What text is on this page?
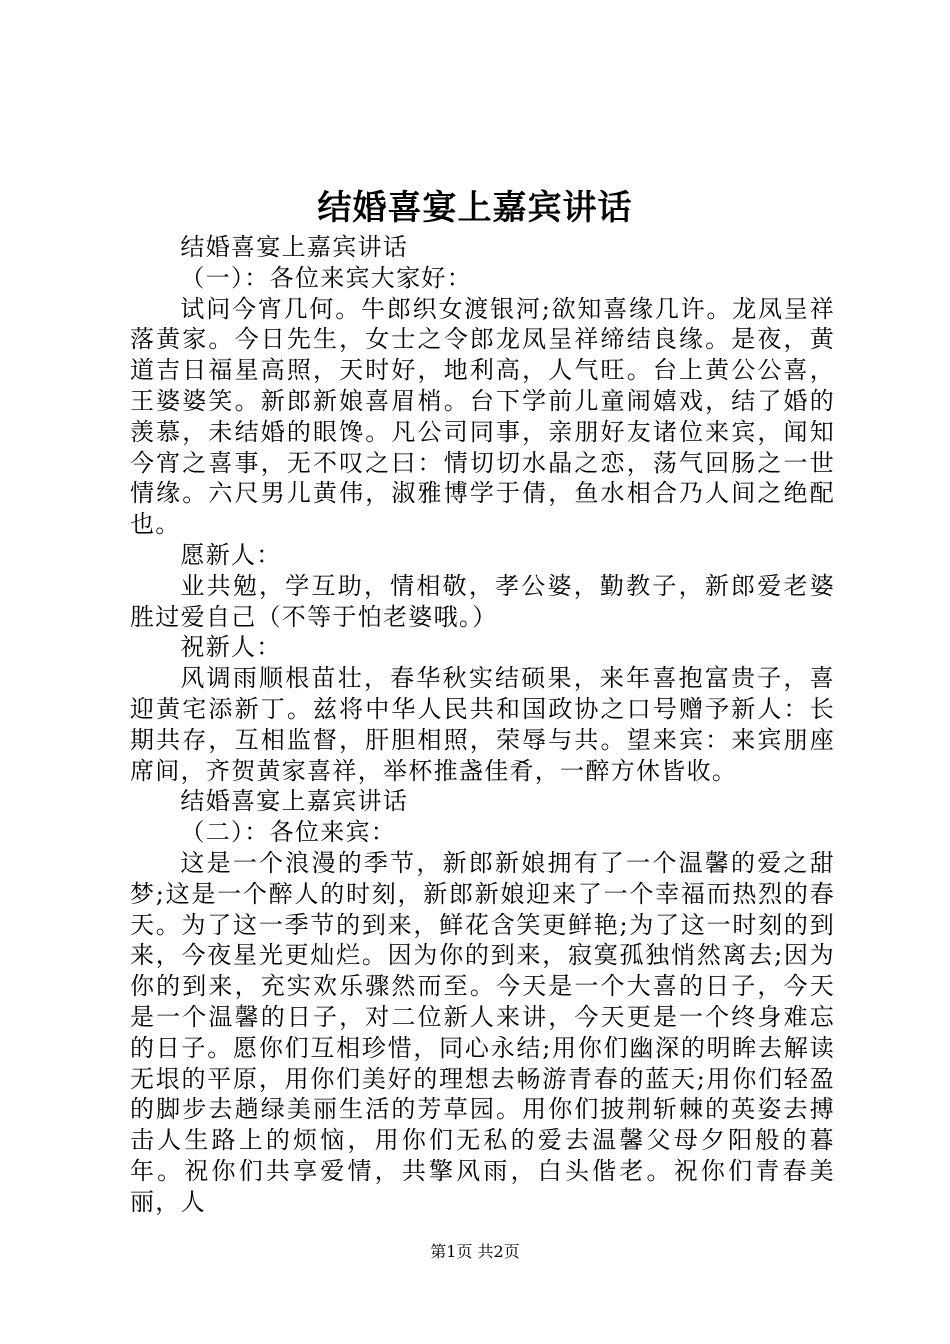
结婚喜宴上嘉宾讲话

结婚喜宴上嘉宾讲话

（一）：各位来宾大家好：

试问今宵几何。牛郎织女渡银河;欲知喜缘几许。龙凤呈祥落黄家。今日先生，女士之令郎龙凤呈祥缔结良缘。是夜，黄道吉日福星高照，天时好，地利高，人气旺。台上黄公公喜，王婆婆笑。新郎新娘喜眉梢。台下学前儿童闹嬉戏，结了婚的羡慕，未结婚的眼馋。凡公司同事，亲朋好友诸位来宾，闻知今宵之喜事，无不叹之曰：情切切水晶之恋，荡气回肠之一世情缘。六尺男儿黄伟，淑雅博学于倩，鱼水相合乃人间之绝配也。

愿新人：

业共勉，学互助，情相敬，孝公婆，勤教子，新郎爱老婆胜过爱自己（不等于怕老婆哦。）

祝新人：

风调雨顺根苗壮，春华秋实结硕果，来年喜抱富贵子，喜迎黄宅添新丁。兹将中华人民共和国政协之口号赠予新人：长期共存，互相监督，肝胆相照，荣辱与共。望来宾：来宾朋座席间，齐贺黄家喜祥，举杯推盏佳肴，一醉方休皆收。

结婚喜宴上嘉宾讲话

（二）：各位来宾：

这是一个浪漫的季节，新郎新娘拥有了一个温馨的爱之甜梦;这是一个醉人的时刻，新郎新娘迎来了一个幸福而热烈的春天。为了这一季节的到来，鲜花含笑更鲜艳;为了这一时刻的到来，今夜星光更灿烂。因为你的到来，寂寞孤独悄然离去;因为你的到来，充实欢乐骤然而至。今天是一个大喜的日子，今天是一个温馨的日子，对二位新人来讲，今天更是一个终身难忘的日子。愿你们互相珍惜，同心永结;用你们幽深的明眸去解读无垠的平原，用你们美好的理想去畅游青春的蓝天;用你们轻盈的脚步去趟绿美丽生活的芳草园。用你们披荆斩棘的英姿去搏击人生路上的烦恼，用你们无私的爱去温馨父母夕阳般的暮年。祝你们共享爱情，共擎风雨，白头偕老。祝你们青春美丽，人

第1页 共2页
